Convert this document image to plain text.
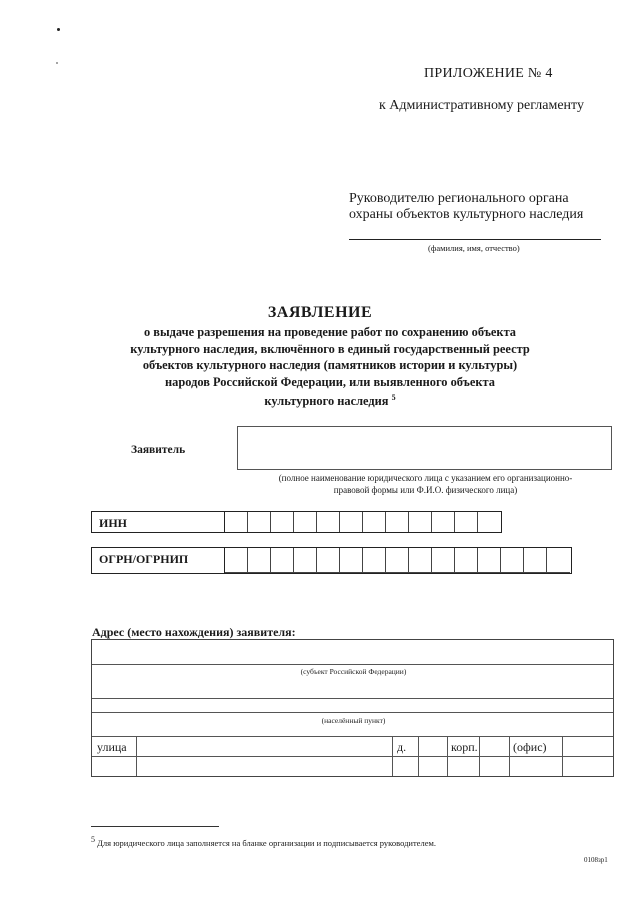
ПРИЛОЖЕНИЕ № 4
к Административному регламенту
Руководителю регионального органа
охраны объектов культурного наследия
(фамилия, имя, отчество)
ЗАЯВЛЕНИЕ
о выдаче разрешения на проведение работ по сохранению объекта
культурного наследия, включённого в единый государственный реестр
объектов культурного наследия (памятников истории и культуры)
народов Российской Федерации, или выявленного объекта
культурного наследия $^5$
Заявитель
(полное наименование юридического лица с указанием его организационно-
правовой формы или Ф.И.О. физического лица)
ИНН
ОГРН/ОГРНИП
Адрес (место нахождения) заявителя:
(субъект Российской Федерации)
(населённый пункт)
улица	д.	корп.	(офис)
5 Для юридического лица заполняется на бланке организации и подписывается руководителем.
0108зр1
